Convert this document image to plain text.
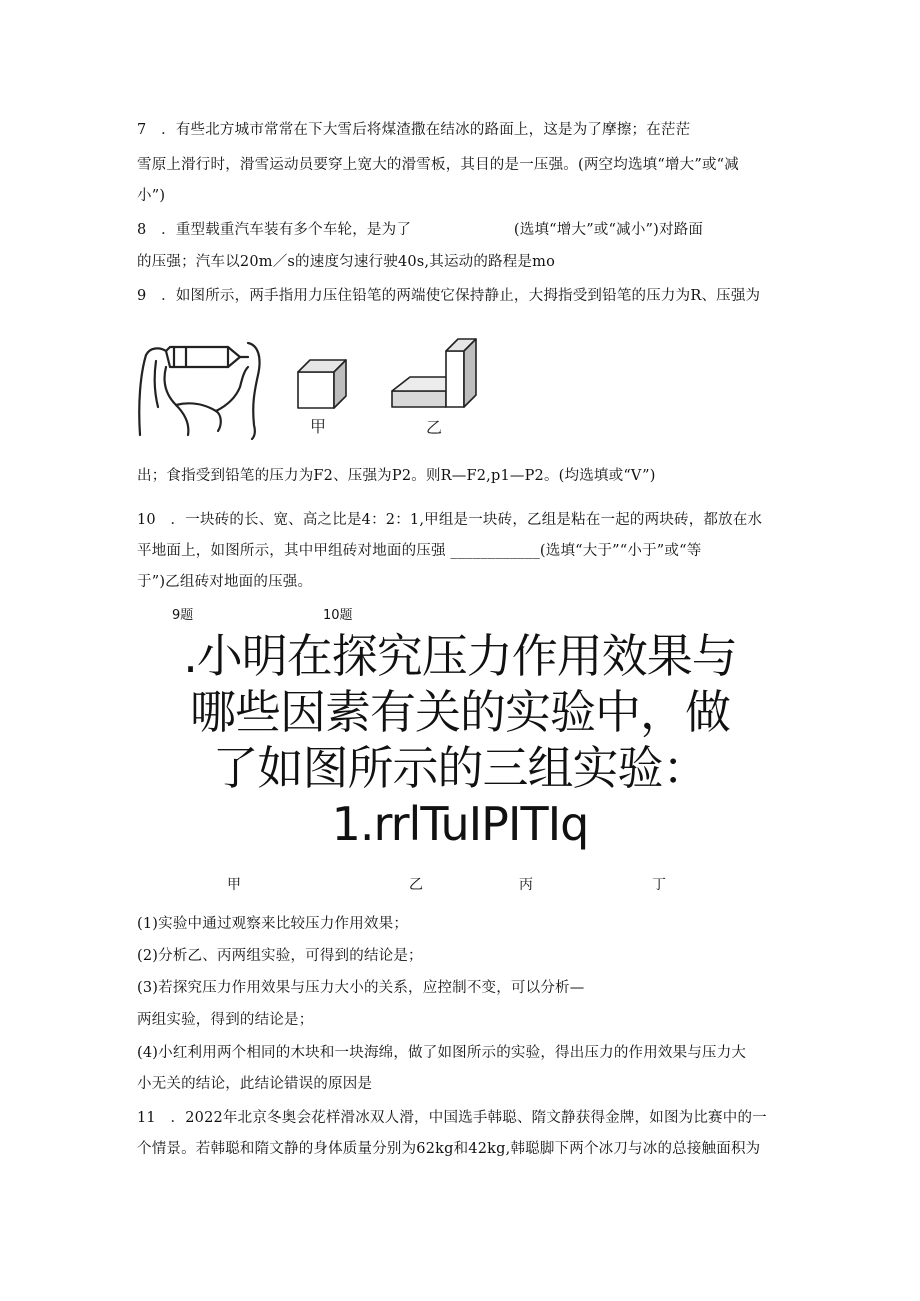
7　．有些北方城市常常在下大雪后将煤渣撒在结冰的路面上，这是为了摩擦；在茫茫
雪原上滑行时，滑雪运动员要穿上宽大的滑雪板，其目的是一压强。(两空均选填“增大”或“减
小”)
8　．重型载重汽车装有多个车轮，是为了　　　　　　　(选填“增大”或“减小”)对路面
的压强；汽车以20m／s的速度匀速行驶40s,其运动的路程是mo
9　．如图所示，两手指用力压住铅笔的两端使它保持静止，大拇指受到铅笔的压力为R、压强为
甲	乙
出；食指受到铅笔的压力为F2、压强为P2。则R—F2,p1—P2。(均选填或“V”)
10　．一块砖的长、宽、高之比是4：2：1,甲组是一块砖，乙组是粘在一起的两块砖，都放在水
平地面上，如图所示，其中甲组砖对地面的压强 ____________(选填“大于”“小于”或“等
于”)乙组砖对地面的压强。
9题	10题
.小明在探究压力作用效果与
哪些因素有关的实验中，做
了如图所示的三组实验：
1.rrlTuIPITIq
甲	乙	丙	丁
(1)实验中通过观察来比较压力作用效果；
(2)分析乙、丙两组实验，可得到的结论是；
(3)若探究压力作用效果与压力大小的关系，应控制不变，可以分析—
两组实验，得到的结论是；
(4)小红利用两个相同的木块和一块海绵，做了如图所示的实验，得出压力的作用效果与压力大
小无关的结论，此结论错误的原因是
11　．2022年北京冬奥会花样滑冰双人滑，中国选手韩聪、隋文静获得金牌，如图为比赛中的一
个情景。若韩聪和隋文静的身体质量分别为62kg和42kg,韩聪脚下两个冰刀与冰的总接触面积为
